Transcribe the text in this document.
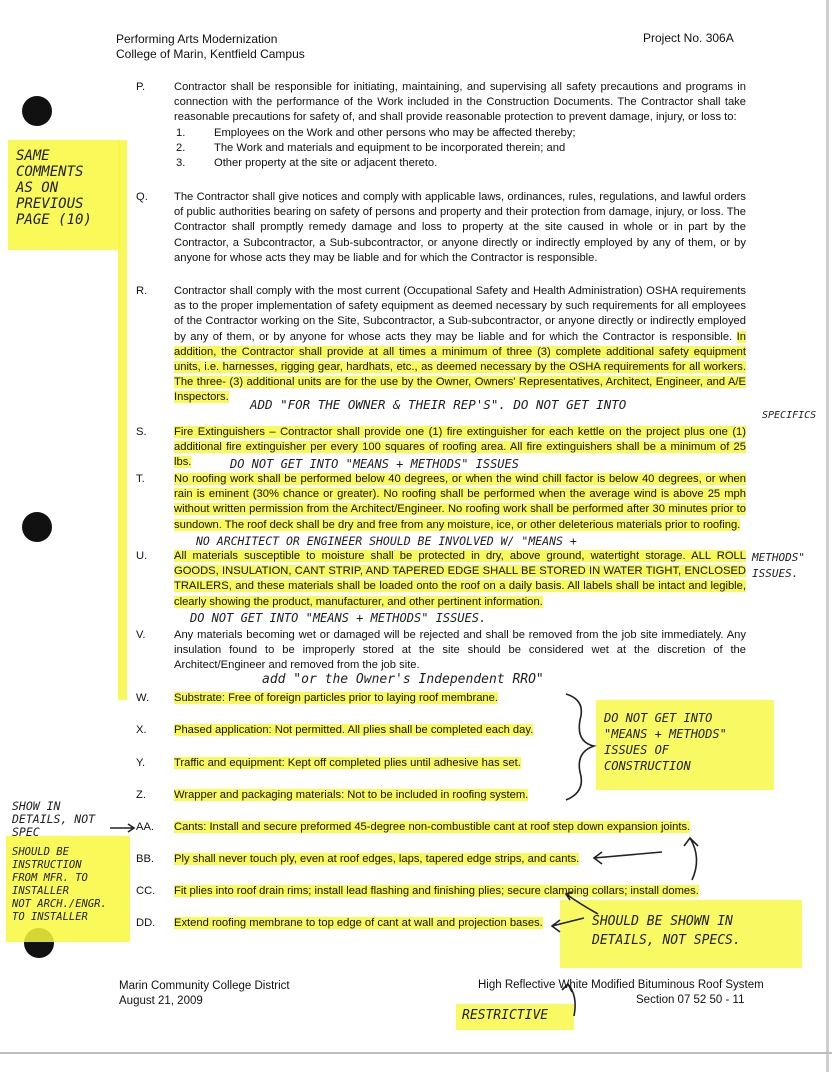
Performing Arts Modernization
College of Marin, Kentfield Campus
Project No. 306A
P.	Contractor shall be responsible for initiating, maintaining, and supervising all safety precautions and programs in connection with the performance of the Work included in the Construction Documents. The Contractor shall take reasonable precautions for safety of, and shall provide reasonable protection to prevent damage, injury, or loss to:
1.	Employees on the Work and other persons who may be affected thereby;
2.	The Work and materials and equipment to be incorporated therein; and
3.	Other property at the site or adjacent thereto.
Q.	The Contractor shall give notices and comply with applicable laws, ordinances, rules, regulations, and lawful orders of public authorities bearing on safety of persons and property and their protection from damage, injury, or loss. The Contractor shall promptly remedy damage and loss to property at the site caused in whole or in part by the Contractor, a Subcontractor, a Sub-subcontractor, or anyone directly or indirectly employed by any of them, or by anyone for whose acts they may be liable and for which the Contractor is responsible.
R.	Contractor shall comply with the most current (Occupational Safety and Health Administration) OSHA requirements as to the proper implementation of safety equipment as deemed necessary by such requirements for all employees of the Contractor working on the Site, Subcontractor, a Sub-subcontractor, or anyone directly or indirectly employed by any of them, or by anyone for whose acts they may be liable and for which the Contractor is responsible. In addition, the Contractor shall provide at all times a minimum of three (3) complete additional safety equipment units, i.e. harnesses, rigging gear, hardhats, etc., as deemed necessary by the OSHA requirements for all workers. The three- (3) additional units are for the use by the Owner, Owners' Representatives, Architect, Engineer, and A/E Inspectors.
S.	Fire Extinguishers – Contractor shall provide one (1) fire extinguisher for each kettle on the project plus one (1) additional fire extinguisher per every 100 squares of roofing area. All fire extinguishers shall be a minimum of 25 lbs.
T.	No roofing work shall be performed below 40 degrees, or when the wind chill factor is below 40 degrees, or when rain is eminent (30% chance or greater). No roofing shall be performed when the average wind is above 25 mph without written permission from the Architect/Engineer. No roofing work shall be performed after 30 minutes prior to sundown. The roof deck shall be dry and free from any moisture, ice, or other deleterious materials prior to roofing.
U.	All materials susceptible to moisture shall be protected in dry, above ground, watertight storage. ALL ROLL GOODS, INSULATION, CANT STRIP, AND TAPERED EDGE SHALL BE STORED IN WATER TIGHT, ENCLOSED TRAILERS, and these materials shall be loaded onto the roof on a daily basis. All labels shall be intact and legible, clearly showing the product, manufacturer, and other pertinent information.
V.	Any materials becoming wet or damaged will be rejected and shall be removed from the job site immediately. Any insulation found to be improperly stored at the site should be considered wet at the discretion of the Architect/Engineer and removed from the job site.
W.	Substrate: Free of foreign particles prior to laying roof membrane.
X.	Phased application: Not permitted. All plies shall be completed each day.
Y.	Traffic and equipment: Kept off completed plies until adhesive has set.
Z.	Wrapper and packaging materials: Not to be included in roofing system.
AA.	Cants: Install and secure preformed 45-degree non-combustible cant at roof step down expansion joints.
BB.	Ply shall never touch ply, even at roof edges, laps, tapered edge strips, and cants.
CC.	Fit plies into roof drain rims; install lead flashing and finishing plies; secure clamping collars; install domes.
DD.	Extend roofing membrane to top edge of cant at wall and projection bases.
SAME
COMMENTS
AS ON
PREVIOUS
PAGE (10)
ADD "FOR THE OWNER & THEIR REP'S". DO NOT GET INTO
SPECIFICS
DO NOT GET INTO "MEANS + METHODS" ISSUES
NO ARCHITECT OR ENGINEER SHOULD BE INVOLVED W/ "MEANS +
METHODS"
ISSUES.
DO NOT GET INTO "MEANS + METHODS" ISSUES.
add "or the Owner's Independent RRO"
DO NOT GET INTO
"MEANS + METHODS"
ISSUES OF
CONSTRUCTION
SHOW IN
DETAILS, NOT
SPEC
SHOULD BE
INSTRUCTION
FROM MFR. TO
INSTALLER
NOT ARCH./ENGR.
TO INSTALLER	SHOULD BE SHOWN IN
DETAILS, NOT SPECS.
RESTRICTIVE
Marin Community College District
August 21, 2009
High Reflective White Modified Bituminous Roof System
Section 07 52 50 - 11
